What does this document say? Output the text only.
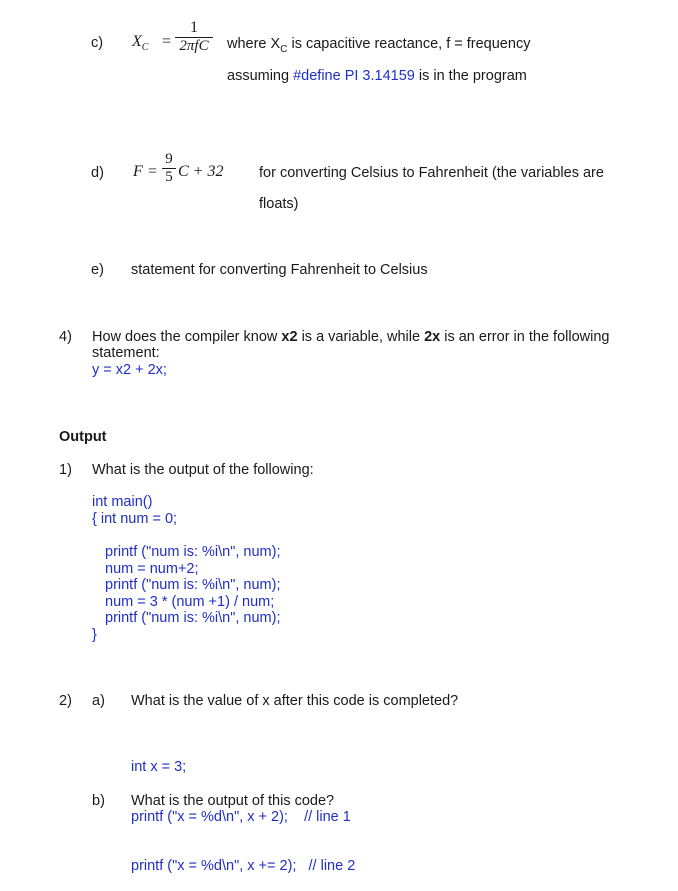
c) $X_C$ =
1
2πfC	where $X_C$ is capacitive reactance, f = frequency
assuming #define PI 3.14159 is in the program
d) $F = \frac{9}{5}$ C + 32 for converting Celsius to Fahrenheit (the variables are
floats)
e) statement for converting Fahrenheit to Celsius
4) How does the compiler know x2 is a variable, while 2x is an error in the following
statement:
y = x2 + 2x;
Output
1) What is the output of the following:
int main()
{ int num = 0;
printf ("num is: %i\n", num);
num = num+2;
printf ("num is: %i\n", num);
num = 3 * (num +1) / num;
printf ("num is: %i\n", num);
}
2) a) What is the value of x after this code is completed?

int x = 3;

printf ("x = %d\n", x + 2);    // line 1

printf ("x = %d\n", x += 2);   // line 2

b) What is the output of this code?
